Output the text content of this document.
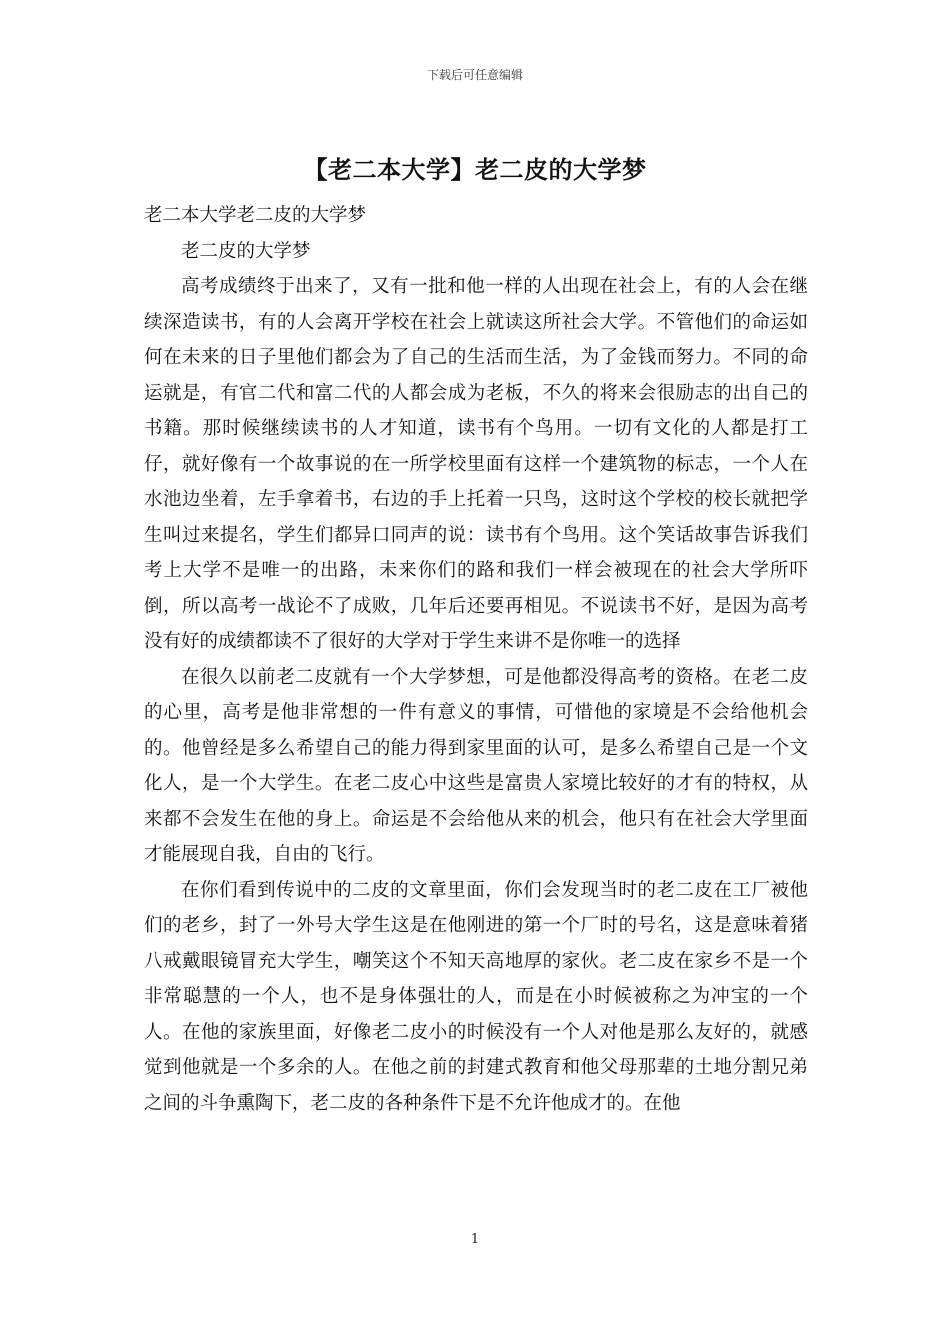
下载后可任意编辑
【老二本大学】老二皮的大学梦

老二本大学老二皮的大学梦

老二皮的大学梦

高考成绩终于出来了，又有一批和他一样的人出现在社会上，有的人会在继续深造读书，有的人会离开学校在社会上就读这所社会大学。不管他们的命运如何在未来的日子里他们都会为了自己的生活而生活，为了金钱而努力。不同的命运就是，有官二代和富二代的人都会成为老板，不久的将来会很励志的出自己的书籍。那时候继续读书的人才知道，读书有个鸟用。一切有文化的人都是打工仔，就好像有一个故事说的在一所学校里面有这样一个建筑物的标志，一个人在水池边坐着，左手拿着书，右边的手上托着一只鸟，这时这个学校的校长就把学生叫过来提名，学生们都异口同声的说：读书有个鸟用。这个笑话故事告诉我们考上大学不是唯一的出路，未来你们的路和我们一样会被现在的社会大学所吓倒，所以高考一战论不了成败，几年后还要再相见。不说读书不好，是因为高考没有好的成绩都读不了很好的大学对于学生来讲不是你唯一的选择

在很久以前老二皮就有一个大学梦想，可是他都没得高考的资格。在老二皮的心里，高考是他非常想的一件有意义的事情，可惜他的家境是不会给他机会的。他曾经是多么希望自己的能力得到家里面的认可，是多么希望自己是一个文化人，是一个大学生。在老二皮心中这些是富贵人家境比较好的才有的特权，从来都不会发生在他的身上。命运是不会给他从来的机会，他只有在社会大学里面才能展现自我，自由的飞行。

在你们看到传说中的二皮的文章里面，你们会发现当时的老二皮在工厂被他们的老乡，封了一外号大学生这是在他刚进的第一个厂时的号名，这是意味着猪八戒戴眼镜冒充大学生，嘲笑这个不知天高地厚的家伙。老二皮在家乡不是一个非常聪慧的一个人，也不是身体强壮的人，而是在小时候被称之为冲宝的一个人。在他的家族里面，好像老二皮小的时候没有一个人对他是那么友好的，就感觉到他就是一个多余的人。在他之前的封建式教育和他父母那辈的土地分割兄弟之间的斗争熏陶下，老二皮的各种条件下是不允许他成才的。在他

1
